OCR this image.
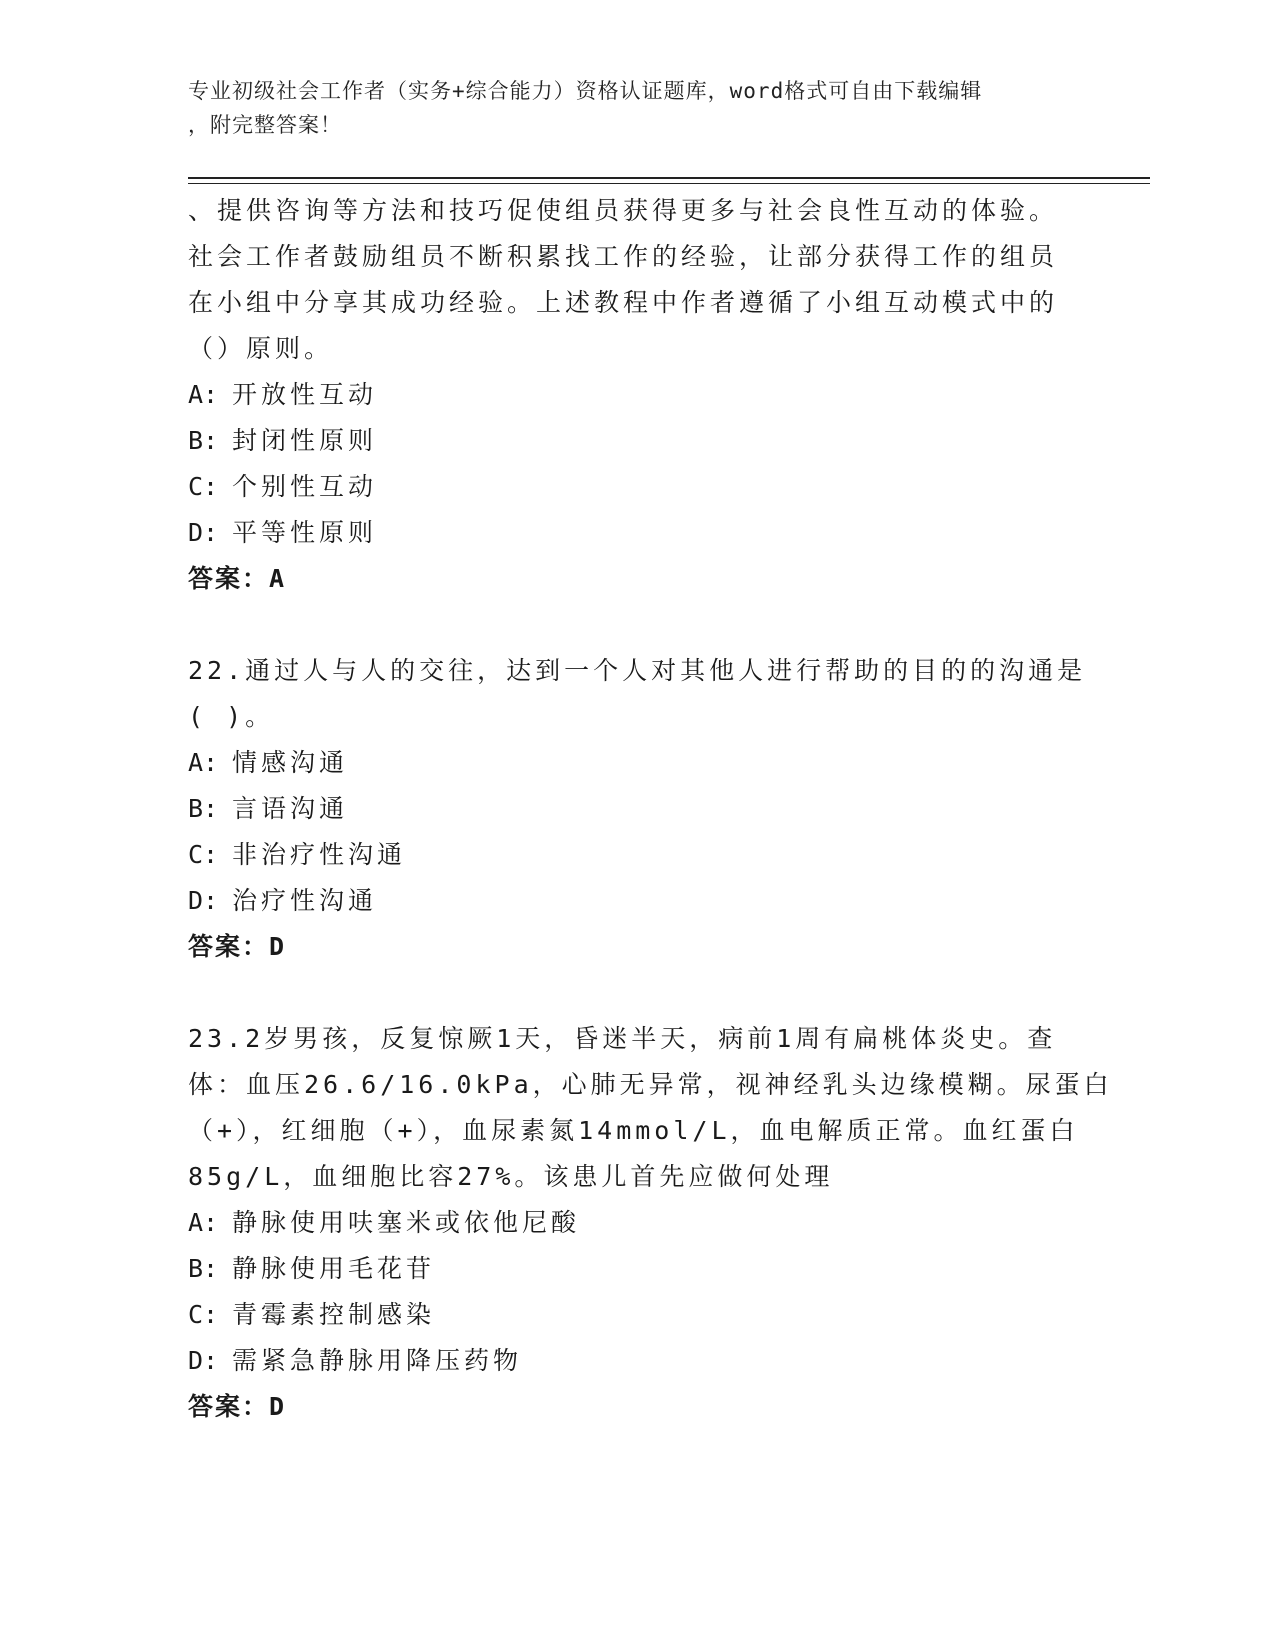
专业初级社会工作者（实务+综合能力）资格认证题库，word格式可自由下载编辑
，附完整答案！
、提供咨询等方法和技巧促使组员获得更多与社会良性互动的体验。
社会工作者鼓励组员不断积累找工作的经验，让部分获得工作的组员
在小组中分享其成功经验。上述教程中作者遵循了小组互动模式中的
（）原则。
A: 开放性互动
B: 封闭性原则
C: 个别性互动
D: 平等性原则
答案：A
22.通过人与人的交往，达到一个人对其他人进行帮助的目的的沟通是
( )。
A: 情感沟通
B: 言语沟通
C: 非治疗性沟通
D: 治疗性沟通
答案：D
23.2岁男孩，反复惊厥1天，昏迷半天，病前1周有扁桃体炎史。查
体：血压26.6/16.0kPa，心肺无异常，视神经乳头边缘模糊。尿蛋白
（+），红细胞（+），血尿素氮14mmol/L，血电解质正常。血红蛋白
85g/L，血细胞比容27%。该患儿首先应做何处理
A: 静脉使用呋塞米或依他尼酸
B: 静脉使用毛花苷
C: 青霉素控制感染
D: 需紧急静脉用降压药物
答案：D
